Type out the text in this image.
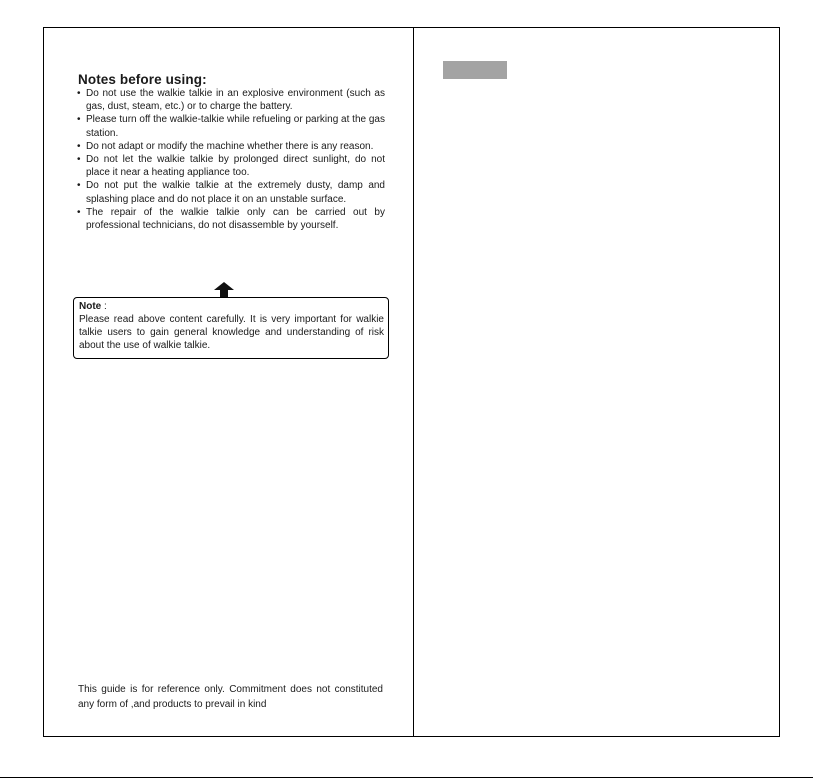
Notes before using:
• Do not use the walkie talkie in an explosive environment (such as gas, dust, steam, etc.) or to charge the battery.
• Please turn off the walkie-talkie while refueling or parking at the gas station.
• Do not adapt or modify the machine whether there is any reason.
• Do not let the walkie talkie by prolonged direct sunlight, do not place it near a heating appliance too.
• Do not put the walkie talkie at the extremely dusty, damp and splashing place and do not place it on an unstable surface.
• The repair of the walkie talkie only can be carried out by professional technicians, do not disassemble by yourself.
Note :
Please read above content carefully. It is very important for walkie talkie users to gain general knowledge and understanding of risk about the use of walkie talkie.
This guide is for reference only. Commitment does not constituted any form of ,and products to prevail in kind
